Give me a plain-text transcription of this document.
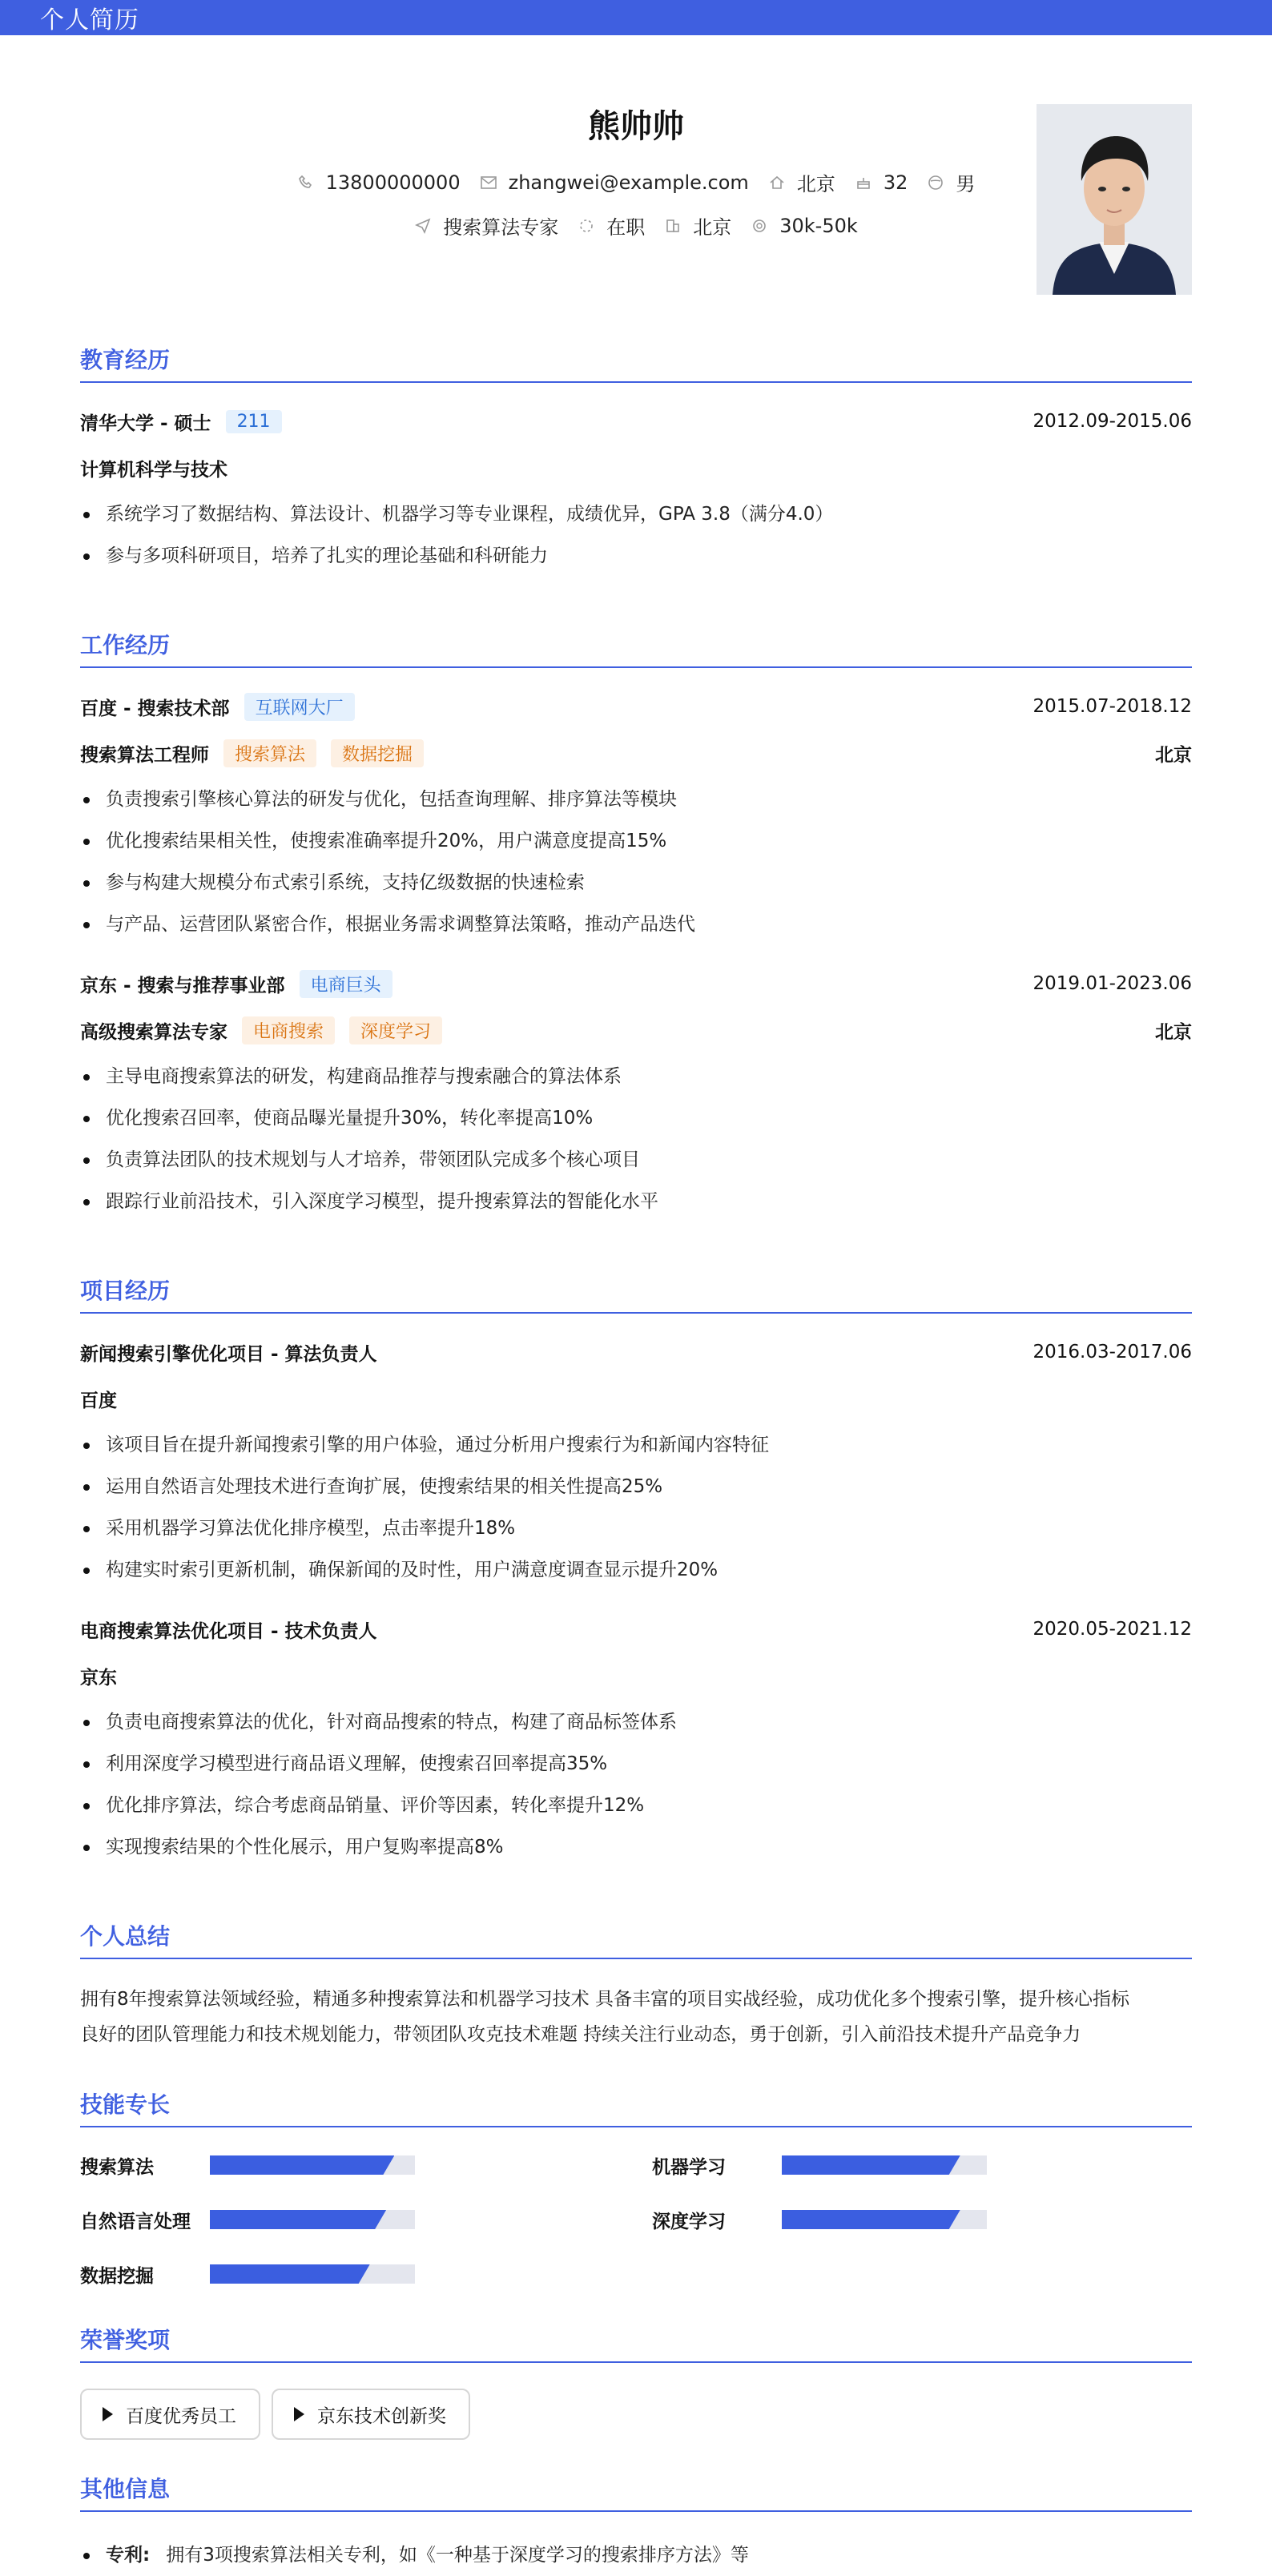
个人简历
熊帅帅
13800000000	zhangwei@example.com	北京	32	男
搜索算法专家	在职	北京	30k-50k
教育经历
清华大学 - 硕士	211	2012.09-2015.06
计算机科学与技术
系统学习了数据结构、算法设计、机器学习等专业课程，成绩优异，GPA 3.8（满分4.0）
参与多项科研项目，培养了扎实的理论基础和科研能力
工作经历
百度 - 搜索技术部	互联网大厂	2015.07-2018.12
搜索算法工程师	搜索算法	数据挖掘	北京
负责搜索引擎核心算法的研发与优化，包括查询理解、排序算法等模块
优化搜索结果相关性，使搜索准确率提升20%，用户满意度提高15%
参与构建大规模分布式索引系统，支持亿级数据的快速检索
与产品、运营团队紧密合作，根据业务需求调整算法策略，推动产品迭代
京东 - 搜索与推荐事业部	电商巨头	2019.01-2023.06
高级搜索算法专家	电商搜索	深度学习	北京
主导电商搜索算法的研发，构建商品推荐与搜索融合的算法体系
优化搜索召回率，使商品曝光量提升30%，转化率提高10%
负责算法团队的技术规划与人才培养，带领团队完成多个核心项目
跟踪行业前沿技术，引入深度学习模型，提升搜索算法的智能化水平
项目经历
新闻搜索引擎优化项目 - 算法负责人	2016.03-2017.06
百度
该项目旨在提升新闻搜索引擎的用户体验，通过分析用户搜索行为和新闻内容特征
运用自然语言处理技术进行查询扩展，使搜索结果的相关性提高25%
采用机器学习算法优化排序模型，点击率提升18%
构建实时索引更新机制，确保新闻的及时性，用户满意度调查显示提升20%
电商搜索算法优化项目 - 技术负责人	2020.05-2021.12
京东
负责电商搜索算法的优化，针对商品搜索的特点，构建了商品标签体系
利用深度学习模型进行商品语义理解，使搜索召回率提高35%
优化排序算法，综合考虑商品销量、评价等因素，转化率提升12%
实现搜索结果的个性化展示，用户复购率提高8%
个人总结
拥有8年搜索算法领域经验，精通多种搜索算法和机器学习技术 具备丰富的项目实战经验，成功优化多个搜索引擎，提升核心指标
良好的团队管理能力和技术规划能力，带领团队攻克技术难题 持续关注行业动态，勇于创新，引入前沿技术提升产品竞争力
技能专长
搜索算法	机器学习
自然语言处理	深度学习
数据挖掘
荣誉奖项
百度优秀员工	京东技术创新奖
其他信息
专利: 拥有3项搜索算法相关专利，如《一种基于深度学习的搜索排序方法》等
